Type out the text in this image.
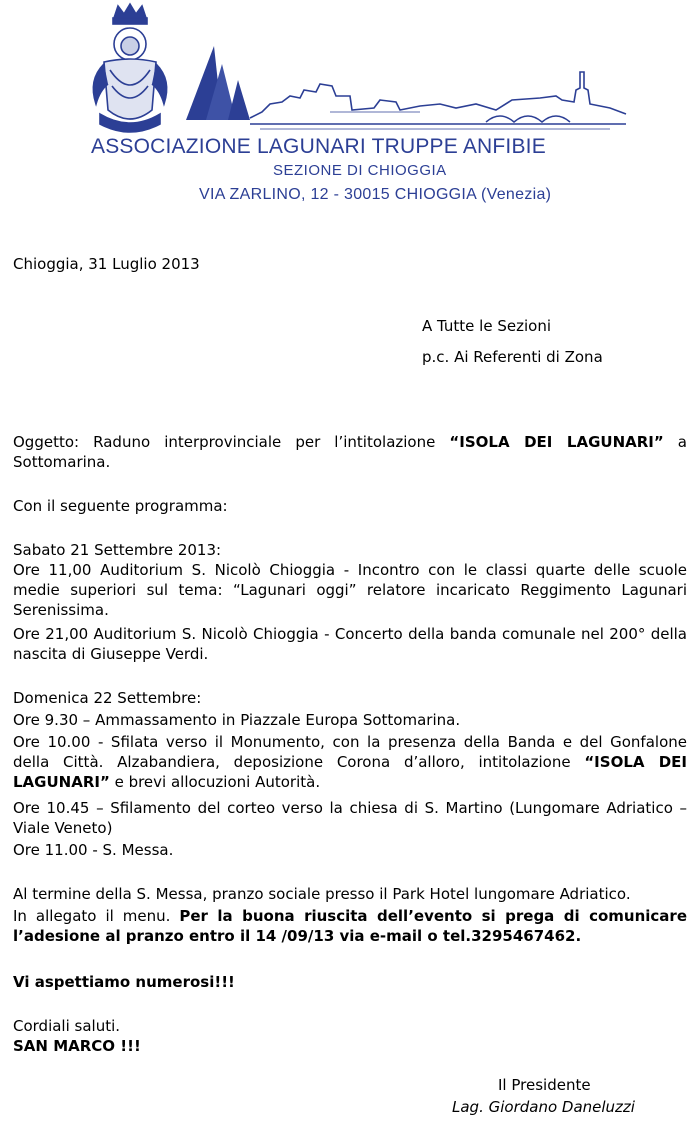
ASSOCIAZIONE LAGUNARI TRUPPE ANFIBIE
SEZIONE DI CHIOGGIA
VIA ZARLINO, 12 - 30015 CHIOGGIA (Venezia)
Chioggia, 31 Luglio 2013
A Tutte le Sezioni
p.c. Ai Referenti di Zona
Oggetto: Raduno interprovinciale per l’intitolazione “ISOLA DEI LAGUNARI” a Sottomarina.
Con il seguente programma:
Sabato 21 Settembre 2013:
Ore 11,00 Auditorium S. Nicolò Chioggia - Incontro con le classi quarte delle scuole medie superiori sul tema: “Lagunari oggi” relatore incaricato Reggimento Lagunari Serenissima.
Ore 21,00 Auditorium S. Nicolò Chioggia - Concerto della banda comunale nel 200° della nascita di Giuseppe Verdi.
Domenica 22 Settembre:
Ore 9.30 – Ammassamento in Piazzale Europa Sottomarina.
Ore 10.00 - Sfilata verso il Monumento, con la presenza della Banda e del Gonfalone della Città. Alzabandiera, deposizione Corona d’alloro, intitolazione “ISOLA DEI LAGUNARI” e brevi allocuzioni Autorità.
Ore 10.45 – Sfilamento del corteo verso la chiesa di S. Martino (Lungomare Adriatico – Viale Veneto)
Ore 11.00 - S. Messa.
Al termine della S. Messa, pranzo sociale presso il Park Hotel lungomare Adriatico.
In allegato il menu. Per la buona riuscita dell’evento si prega di comunicare l’adesione al pranzo entro il 14 /09/13 via e-mail o tel.3295467462.
Vi aspettiamo numerosi!!!
Cordiali saluti.
SAN MARCO !!!
Il Presidente
Lag. Giordano Daneluzzi
